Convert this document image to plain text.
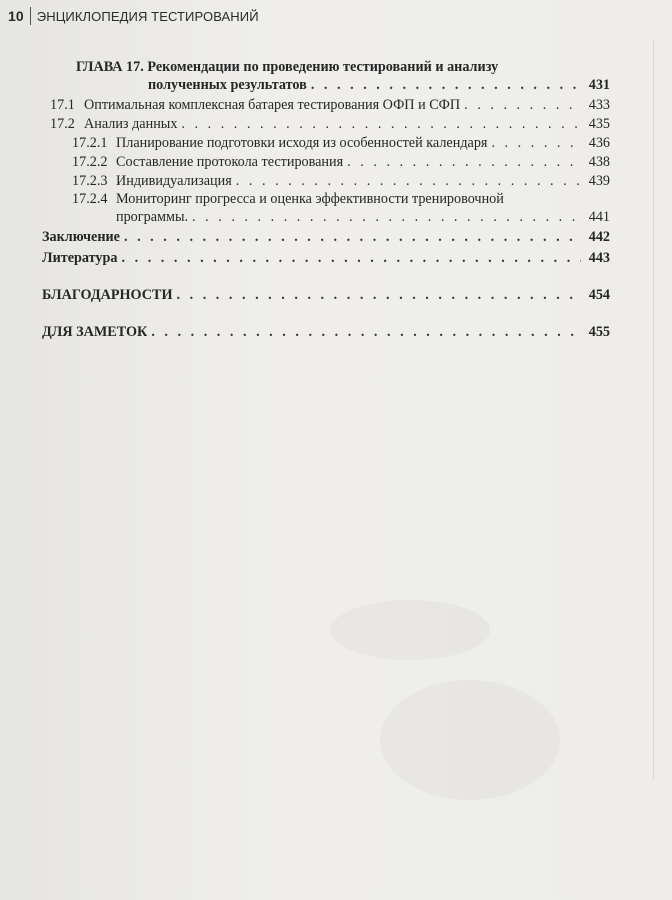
10 ЭНЦИКЛОПЕДИЯ ТЕСТИРОВАНИЙ
ГЛАВА 17. Рекомендации по проведению тестирований и анализу
полученных результатов . . .	431
17.1 Оптимальная комплексная батарея тестирования ОФП и СФП . . .	433
17.2 Анализ данных . . .	435
17.2.1 Планирование подготовки исходя из особенностей календаря . . .	436
17.2.2 Составление протокола тестирования . . .	438
17.2.3 Индивидуализация . . .	439
17.2.4 Мониторинг прогресса и оценка эффективности тренировочной
программы. . . .	441
Заключение . . .	442
Литература . . .	443
БЛАГОДАРНОСТИ . . .	454
ДЛЯ ЗАМЕТОК . . .	455
